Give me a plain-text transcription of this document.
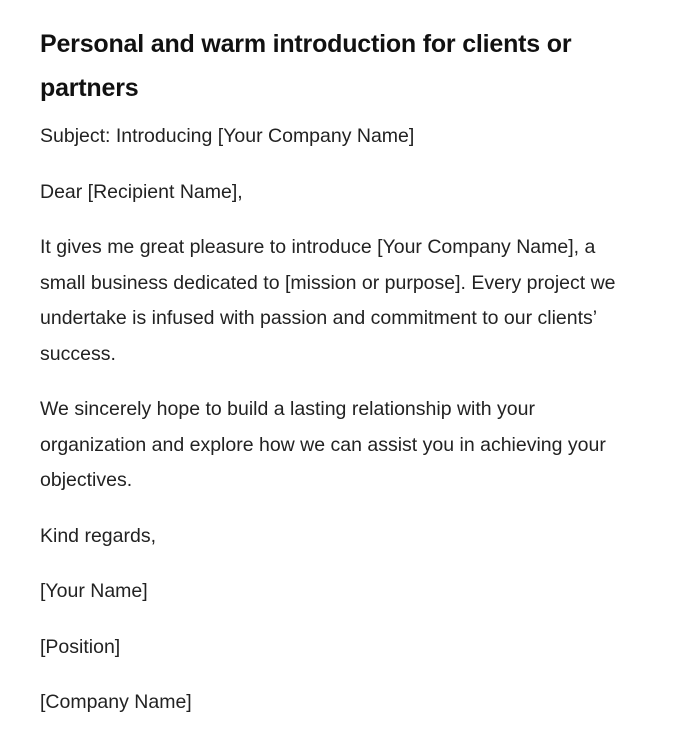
Personal and warm introduction for clients or partners

Subject: Introducing [Your Company Name]

Dear [Recipient Name],

It gives me great pleasure to introduce [Your Company Name], a small business dedicated to [mission or purpose]. Every project we undertake is infused with passion and commitment to our clients’ success.

We sincerely hope to build a lasting relationship with your organization and explore how we can assist you in achieving your objectives.

Kind regards,

[Your Name]

[Position]

[Company Name]
